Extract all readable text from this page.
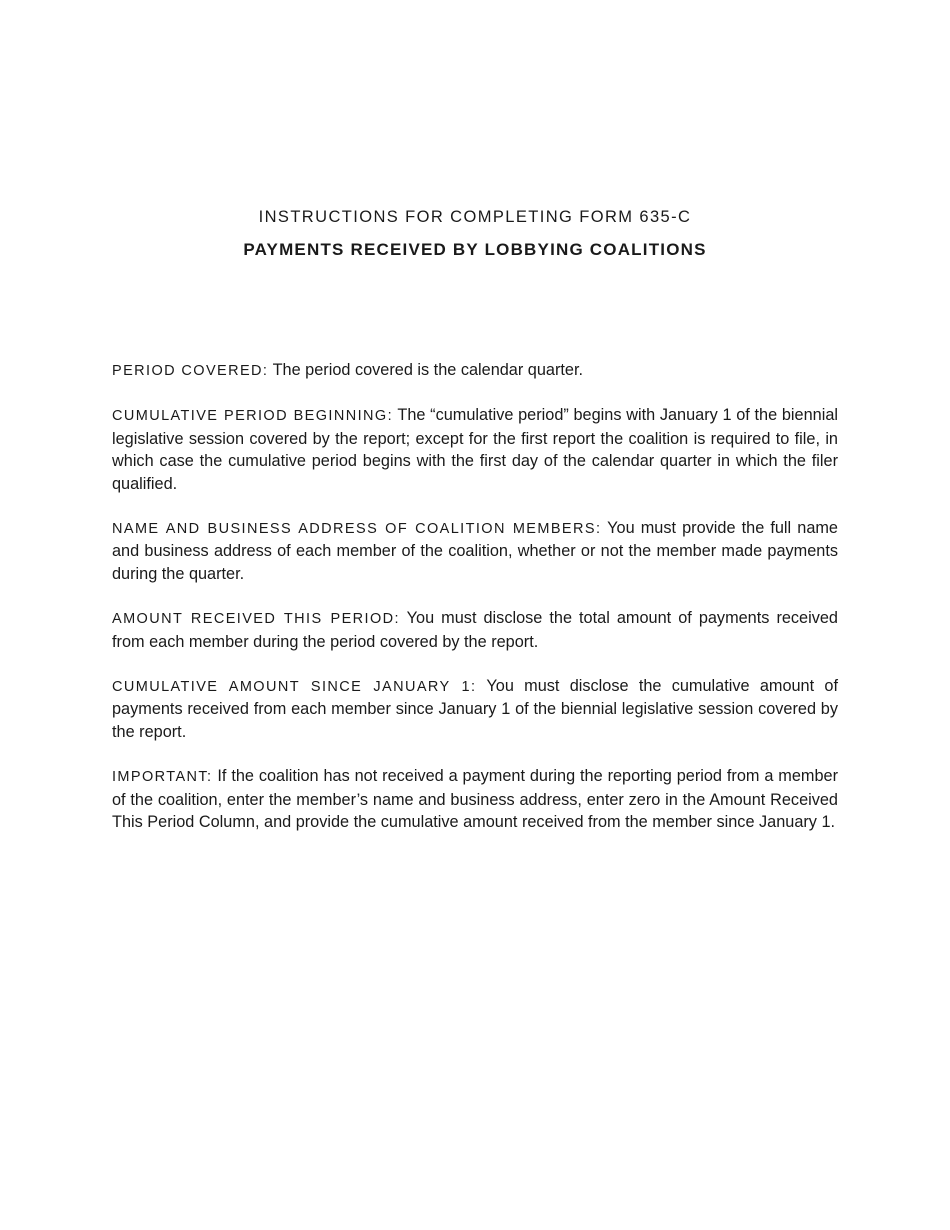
INSTRUCTIONS FOR COMPLETING FORM 635-C
PAYMENTS RECEIVED BY LOBBYING COALITIONS

PERIOD COVERED: The period covered is the calendar quarter.

CUMULATIVE PERIOD BEGINNING: The “cumulative period” begins with January 1 of the biennial legislative session covered by the report; except for the first report the coalition is required to file, in which case the cumulative period begins with the first day of the calendar quarter in which the filer qualified.

NAME AND BUSINESS ADDRESS OF COALITION MEMBERS: You must provide the full name and business address of each member of the coalition, whether or not the member made payments during the quarter.

AMOUNT RECEIVED THIS PERIOD: You must disclose the total amount of payments received from each member during the period covered by the report.

CUMULATIVE AMOUNT SINCE JANUARY 1: You must disclose the cumulative amount of payments received from each member since January 1 of the biennial legislative session covered by the report.

IMPORTANT: If the coalition has not received a payment during the reporting period from a member of the coalition, enter the member’s name and business address, enter zero in the Amount Received This Period Column, and provide the cumulative amount received from the member since January 1.
